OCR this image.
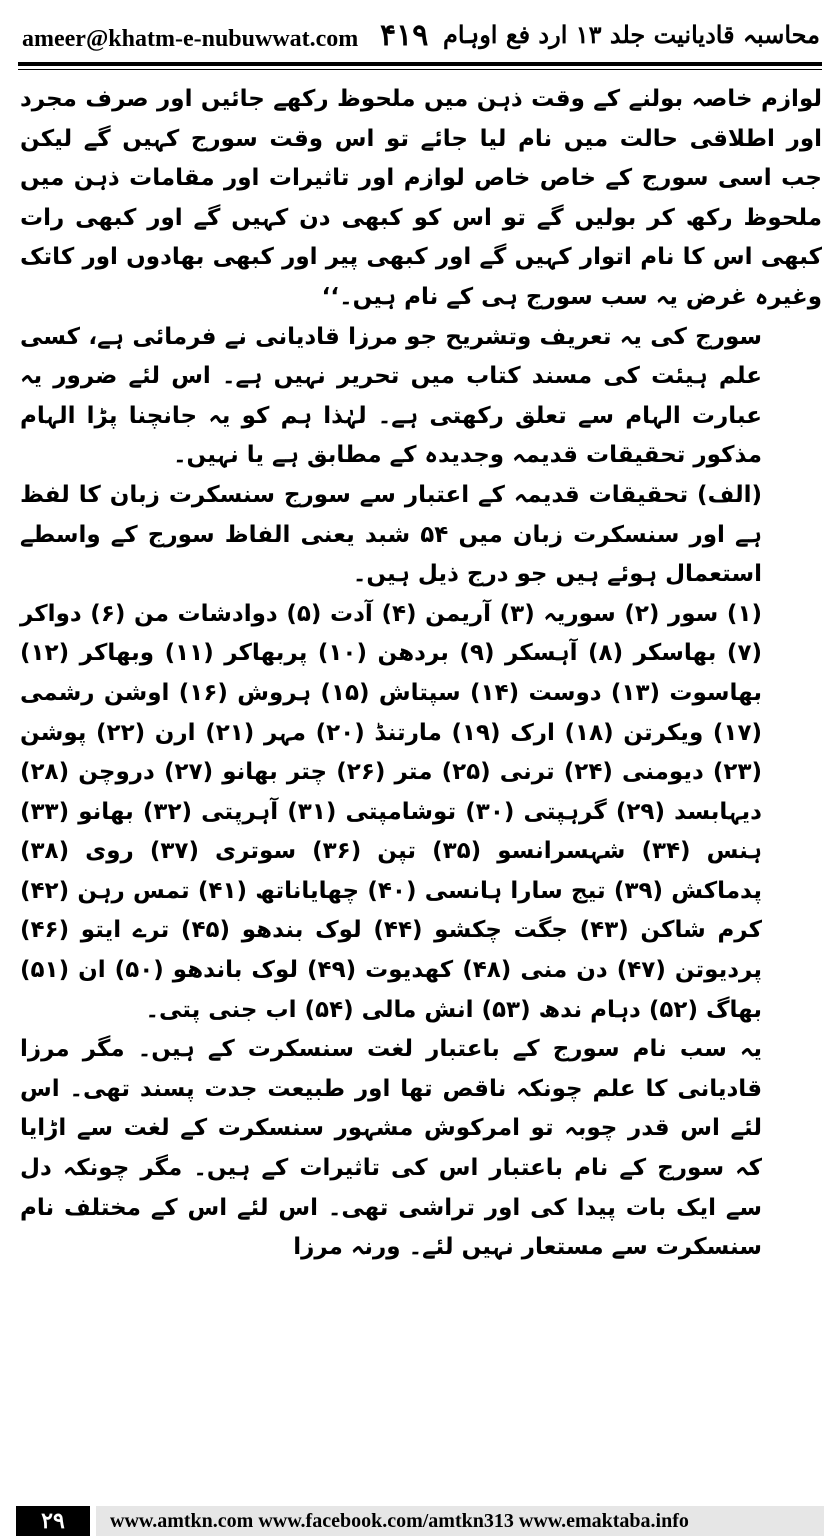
ameer@khatm-e-nubuwwat.com ۴۱۹ محاسبہ قادیانیت جلد ۱۳ ارد فع اوہام

لوازم خاصہ بولنے کے وقت ذہن میں ملحوظ رکھے جائیں اور صرف مجرد اور اطلاقی حالت میں نام لیا جائے تو اس وقت سورج کہیں گے لیکن جب اسی سورج کے خاص خاص لوازم اور تاثیرات اور مقامات ذہن میں ملحوظ رکھ کر بولیں گے تو اس کو کبھی دن کہیں گے اور کبھی رات کبھی اس کا نام اتوار کہیں گے اور کبھی پیر اور کبھی بھادوں اور کاتک وغیرہ غرض یہ سب سورج ہی کے نام ہیں۔‘‘

سورج کی یہ تعریف وتشریح جو مرزا قادیانی نے فرمائی ہے، کسی علم ہیئت کی مسند کتاب میں تحریر نہیں ہے۔ اس لئے ضرور یہ عبارت الہام سے تعلق رکھتی ہے۔ لہٰذا ہم کو یہ جانچنا پڑا الہام مذکور تحقیقات قدیمہ وجدیدہ کے مطابق ہے یا نہیں۔

(الف) تحقیقات قدیمہ کے اعتبار سے سورج سنسکرت زبان کا لفظ ہے اور سنسکرت زبان میں ۵۴ شبد یعنی الفاظ سورج کے واسطے استعمال ہوئے ہیں جو درج ذیل ہیں۔

(۱) سور (۲) سوریہ (۳) آریمن (۴) آدت (۵) دوادشات من (۶) دواکر (۷) بھاسکر (۸) آہسکر (۹) بردھن (۱۰) پربھاکر (۱۱) وبھاکر (۱۲) بھاسوت (۱۳) دوست (۱۴) سپتاش (۱۵) ہروش (۱۶) اوشن رشمی (۱۷) ویکرتن (۱۸) ارک (۱۹) مارتنڈ (۲۰) مہر (۲۱) ارن (۲۲) پوشن (۲۳) دیومنی (۲۴) ترنی (۲۵) متر (۲۶) چتر بھانو (۲۷) دروچن (۲۸) دیہابسد (۲۹) گرہپتی (۳۰) توشامپتی (۳۱) آہرپتی (۳۲) بھانو (۳۳) ہنس (۳۴) شہسرانسو (۳۵) تپن (۳۶) سوتری (۳۷) روی (۳۸) پدماکش (۳۹) تیج سارا ہانسی (۴۰) چھایاناتھ (۴۱) تمس رہن (۴۲) کرم شاکن (۴۳) جگت چکشو (۴۴) لوک بندھو (۴۵) ترے ایتو (۴۶) پردیوتن (۴۷) دن منی (۴۸) کھدیوت (۴۹) لوک باندھو (۵۰) ان (۵۱) بھاگ (۵۲) دہام ندھ (۵۳) انش مالی (۵۴) اب جنی پتی۔

یہ سب نام سورج کے باعتبار لغت سنسکرت کے ہیں۔ مگر مرزا قادیانی کا علم چونکہ ناقص تھا اور طبیعت جدت پسند تھی۔ اس لئے اس قدر چوبہ تو امرکوش مشہور سنسکرت کے لغت سے اڑایا کہ سورج کے نام باعتبار اس کی تاثیرات کے ہیں۔ مگر چونکہ دل سے ایک بات پیدا کی اور تراشی تھی۔ اس لئے اس کے مختلف نام سنسکرت سے مستعار نہیں لئے۔ ورنہ مرزا

۲۹	www.amtkn.com www.facebook.com/amtkn313 www.emaktaba.info
